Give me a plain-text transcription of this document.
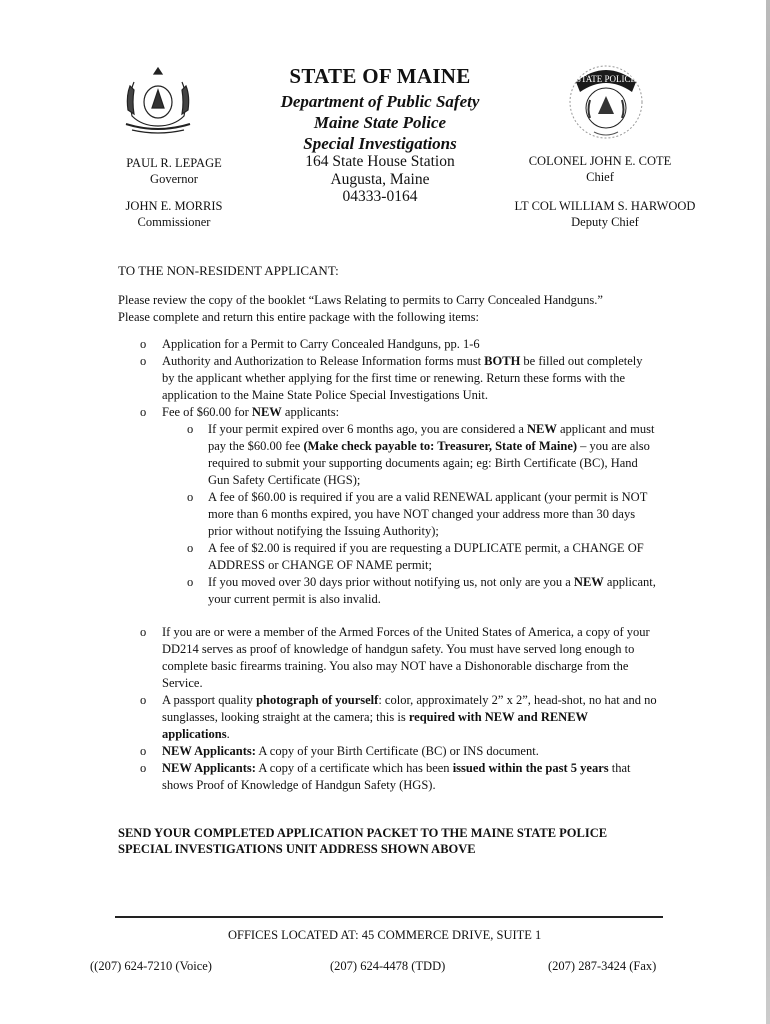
STATE POLICE
STATE OF MAINE
Department of Public Safety
Maine State Police
Special Investigations
164 State House Station
Augusta, Maine
04333-0164
PAUL R. LEPAGE
Governor
JOHN E. MORRIS
Commissioner
COLONEL JOHN E. COTE
Chief
LT COL WILLIAM S. HARWOOD
Deputy Chief
TO THE NON-RESIDENT APPLICANT:
Please review the copy of the booklet “Laws Relating to permits to Carry Concealed Handguns.”
Please complete and return this entire package with the following items:
o Application for a Permit to Carry Concealed Handguns, pp. 1-6
o Authority and Authorization to Release Information forms must BOTH be filled out completely by the applicant whether applying for the first time or renewing. Return these forms with the application to the Maine State Police Special Investigations Unit.
o Fee of $60.00 for NEW applicants:
o If your permit expired over 6 months ago, you are considered a NEW applicant and must pay the $60.00 fee (Make check payable to: Treasurer, State of Maine) – you are also required to submit your supporting documents again; eg: Birth Certificate (BC), Hand Gun Safety Certificate (HGS);
o A fee of $60.00 is required if you are a valid RENEWAL applicant (your permit is NOT more than 6 months expired, you have NOT changed your address more than 30 days prior without notifying the Issuing Authority);
o A fee of $2.00 is required if you are requesting a DUPLICATE permit, a CHANGE OF ADDRESS or CHANGE OF NAME permit;
o If you moved over 30 days prior without notifying us, not only are you a NEW applicant, your current permit is also invalid.
o If you are or were a member of the Armed Forces of the United States of America, a copy of your DD214 serves as proof of knowledge of handgun safety. You must have served long enough to complete basic firearms training. You also may NOT have a Dishonorable discharge from the Service.
o A passport quality photograph of yourself: color, approximately 2” x 2”, head-shot, no hat and no sunglasses, looking straight at the camera; this is required with NEW and RENEW applications.
o NEW Applicants: A copy of your Birth Certificate (BC) or INS document.
o NEW Applicants: A copy of a certificate which has been issued within the past 5 years that shows Proof of Knowledge of Handgun Safety (HGS).
SEND YOUR COMPLETED APPLICATION PACKET TO THE MAINE STATE POLICE
SPECIAL INVESTIGATIONS UNIT ADDRESS SHOWN ABOVE
OFFICES LOCATED AT: 45 COMMERCE DRIVE, SUITE 1
((207) 624-7210 (Voice)	(207) 624-4478 (TDD)	(207) 287-3424 (Fax)
